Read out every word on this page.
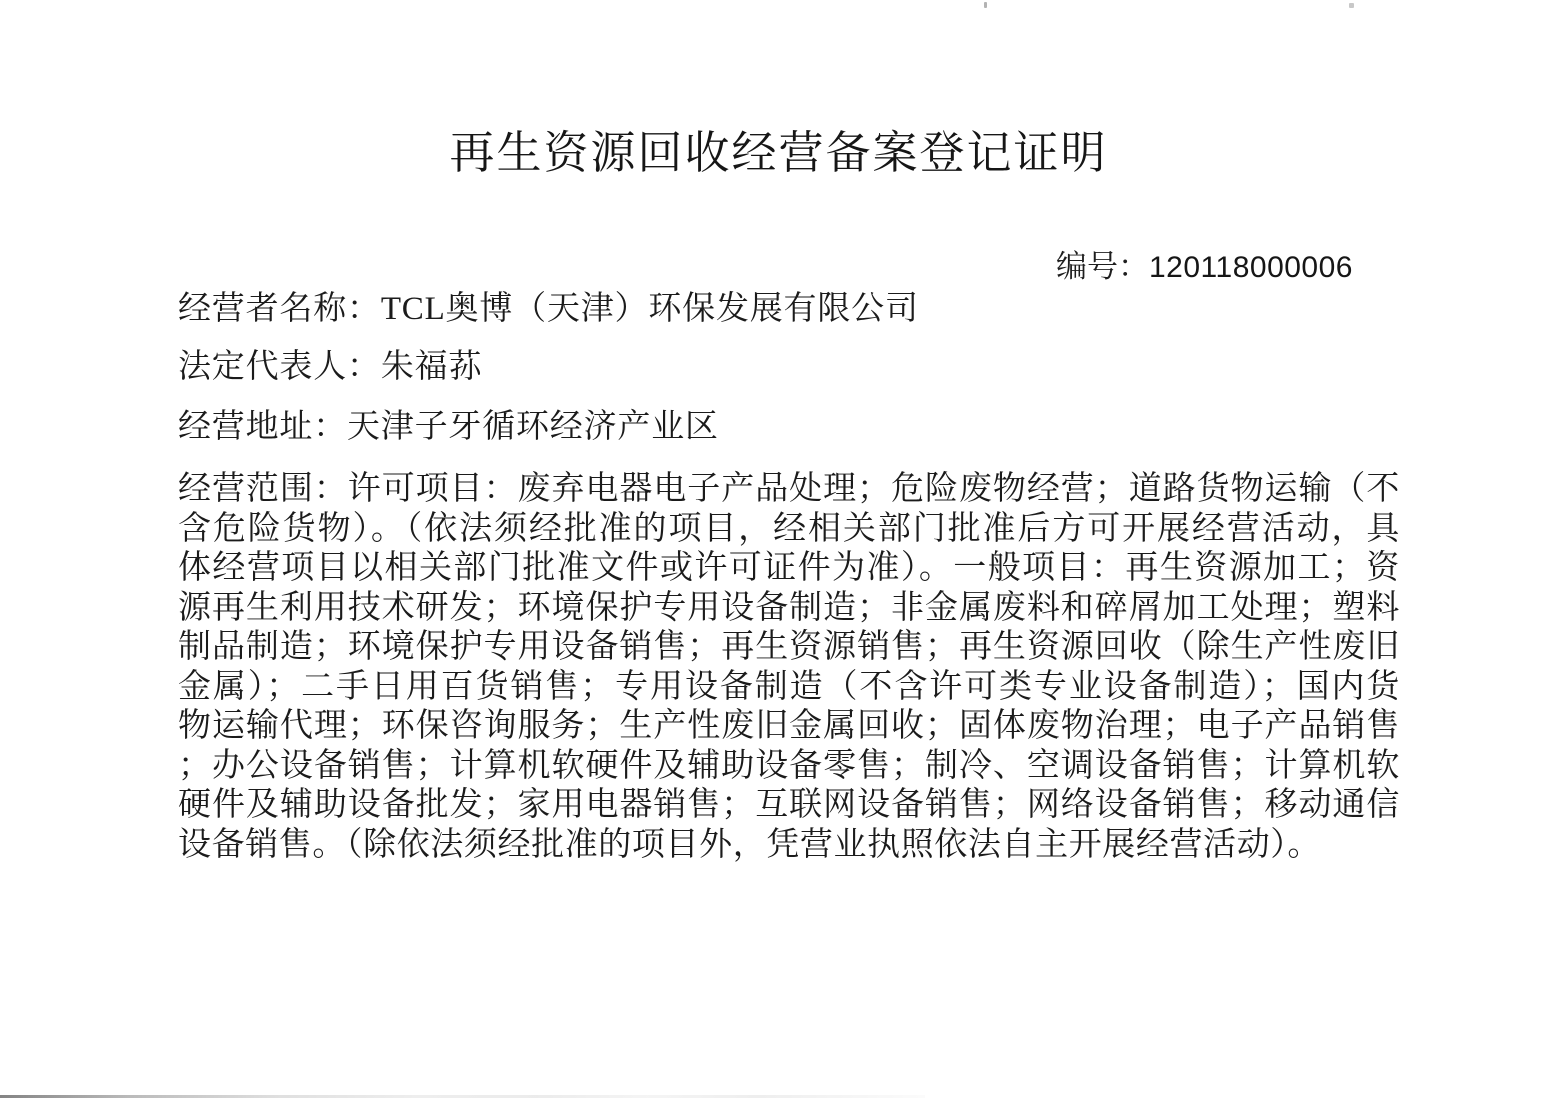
再生资源回收经营备案登记证明
编号：120118000006
经营者名称：TCL奥博（天津）环保发展有限公司
法定代表人：朱福荪
经营地址：天津子牙循环经济产业区
经营范围：许可项目：废弃电器电子产品处理；危险废物经营；道路货物运输（不
含危险货物）。（依法须经批准的项目，经相关部门批准后方可开展经营活动，具
体经营项目以相关部门批准文件或许可证件为准）。一般项目：再生资源加工；资
源再生利用技术研发；环境保护专用设备制造；非金属废料和碎屑加工处理；塑料
制品制造；环境保护专用设备销售；再生资源销售；再生资源回收（除生产性废旧
金属）；二手日用百货销售；专用设备制造（不含许可类专业设备制造）；国内货
物运输代理；环保咨询服务；生产性废旧金属回收；固体废物治理；电子产品销售
；办公设备销售；计算机软硬件及辅助设备零售；制冷、空调设备销售；计算机软
硬件及辅助设备批发；家用电器销售；互联网设备销售；网络设备销售；移动通信
设备销售。（除依法须经批准的项目外，凭营业执照依法自主开展经营活动）。
